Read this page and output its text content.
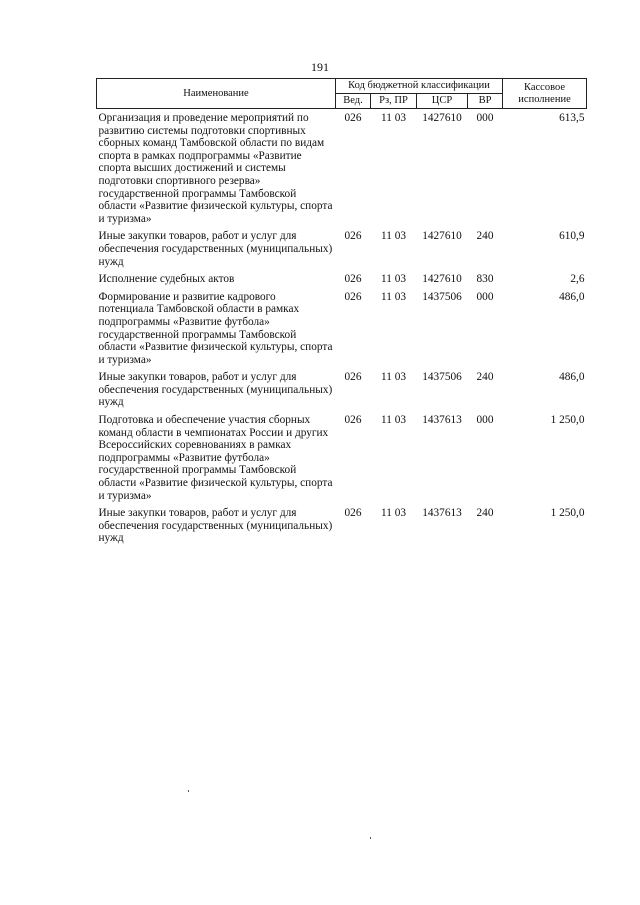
191
Наименование	Код бюджетной классификации				Кассовое исполнение
	Вед.	Рз, ПР	ЦСР	ВР	

Организация и проведение мероприятий по развитию системы подготовки спортивных сборных команд Тамбовской области по видам спорта в рамках подпрограммы «Развитие спорта высших достижений и системы подготовки спортивного резерва» государственной программы Тамбовской области «Развитие физической культуры, спорта и туризма»	026	11 03	1427610	000	613,5
Иные закупки товаров, работ и услуг для обеспечения государственных (муниципальных) нужд	026	11 03	1427610	240	610,9
Исполнение судебных актов	026	11 03	1427610	830	2,6
Формирование и развитие кадрового потенциала Тамбовской области в рамках подпрограммы «Развитие футбола» государственной программы Тамбовской области «Развитие физической культуры, спорта и туризма»	026	11 03	1437506	000	486,0
Иные закупки товаров, работ и услуг для обеспечения государственных (муниципальных) нужд	026	11 03	1437506	240	486,0
Подготовка и обеспечение участия сборных команд области в чемпионатах России и других Всероссийских соревнованиях в рамках подпрограммы «Развитие футбола» государственной программы Тамбовской области «Развитие физической культуры, спорта и туризма»	026	11 03	1437613	000	1 250,0
Иные закупки товаров, работ и услуг для обеспечения государственных (муниципальных) нужд	026	11 03	1437613	240	1 250,0
